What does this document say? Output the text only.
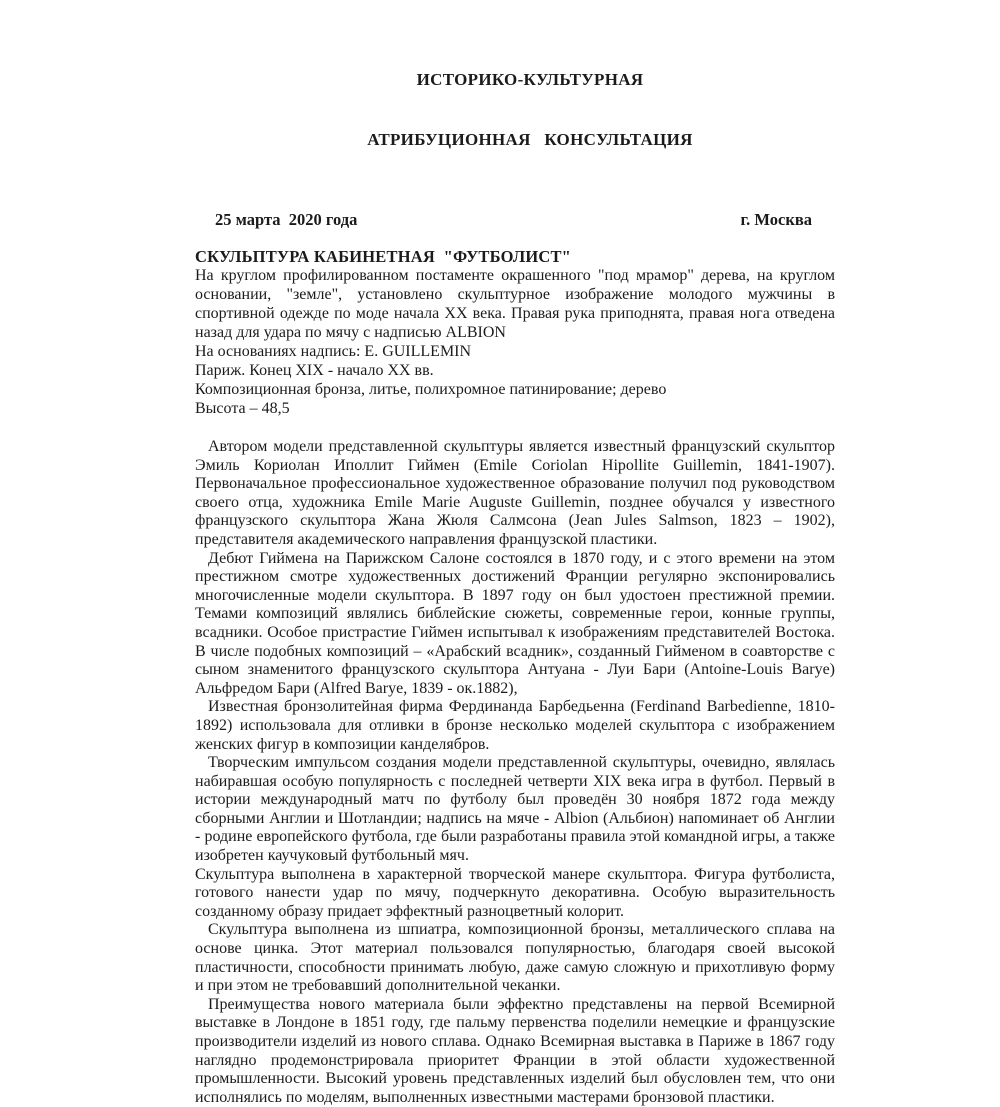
ИСТОРИКО-КУЛЬТУРНАЯ

АТРИБУЦИОННАЯ   КОНСУЛЬТАЦИЯ

25 марта  2020 года	г. Москва
СКУЛЬПТУРА КАБИНЕТНАЯ  "ФУТБОЛИСТ"
На круглом профилированном постаменте окрашенного "под мрамор" дерева, на круглом основании, "земле", установлено скульптурное изображение молодого мужчины в спортивной одежде по моде начала XX века. Правая рука приподнята, правая нога отведена назад для удара по мячу с надписью ALBION
На основаниях надпись: E. GUILLEMIN
Париж. Конец XIX - начало XX вв.
Композиционная бронза, литье, полихромное патинирование; дерево
Высота – 48,5

Автором модели представленной скульптуры является известный французский скульптор Эмиль Кориолан Иполлит Гиймен (Emile Coriolan Hipollite Guillemin, 1841-1907). Первоначальное профессиональное художественное образование получил под руководством своего отца, художника Emile Marie Auguste Guillemin, позднее обучался у известного французского скульптора Жана Жюля Салмсона (Jean Jules Salmson, 1823 – 1902), представителя академического направления французской пластики.

Дебют Гиймена на Парижском Салоне состоялся в 1870 году, и с этого времени на этом престижном смотре художественных достижений Франции регулярно экспонировались многочисленные модели скульптора. В 1897 году он был удостоен престижной премии. Темами композиций являлись библейские сюжеты, современные герои, конные группы, всадники. Особое пристрастие Гиймен испытывал к изображениям представителей Востока. В числе подобных композиций – «Арабский всадник», созданный Гийменом в соавторстве с сыном знаменитого французского скульптора Антуана - Луи Бари (Antoine-Louis Barye) Альфредом Бари (Alfred Barye, 1839 - ок.1882),

Известная бронзолитейная фирма Фердинанда Барбедьенна (Ferdinand Barbedienne, 1810-1892) использовала для отливки в бронзе несколько моделей скульптора с изображением женских фигур в композиции канделябров.

Творческим импульсом создания модели представленной скульптуры, очевидно, являлась набиравшая особую популярность с последней четверти XIX века игра в футбол. Первый в истории международный матч по футболу был проведён 30 ноября 1872 года между сборными Англии и Шотландии; надпись на мяче - Albion (Альбион) напоминает об Англии - родине европейского футбола, где были разработаны правила этой командной игры, а также изобретен каучуковый футбольный мяч.

Скульптура выполнена в характерной творческой манере скульптора. Фигура футболиста, готового нанести удар по мячу, подчеркнуто декоративна. Особую выразительность созданному образу придает эффектный разноцветный колорит.

Скульптура выполнена из шпиатра, композиционной бронзы, металлического сплава на основе цинка. Этот материал пользовался популярностью, благодаря своей высокой пластичности, способности принимать любую, даже самую сложную и прихотливую форму и при этом не требовавший дополнительной чеканки.

Преимущества нового материала были эффектно представлены на первой Всемирной выставке в Лондоне в 1851 году, где пальму первенства поделили немецкие и французские производители изделий из нового сплава. Однако Всемирная выставка в Париже в 1867 году наглядно продемонстрировала приоритет Франции в этой области художественной промышленности. Высокий уровень представленных изделий был обусловлен тем, что они исполнялись по моделям, выполненных известными мастерами бронзовой пластики.
